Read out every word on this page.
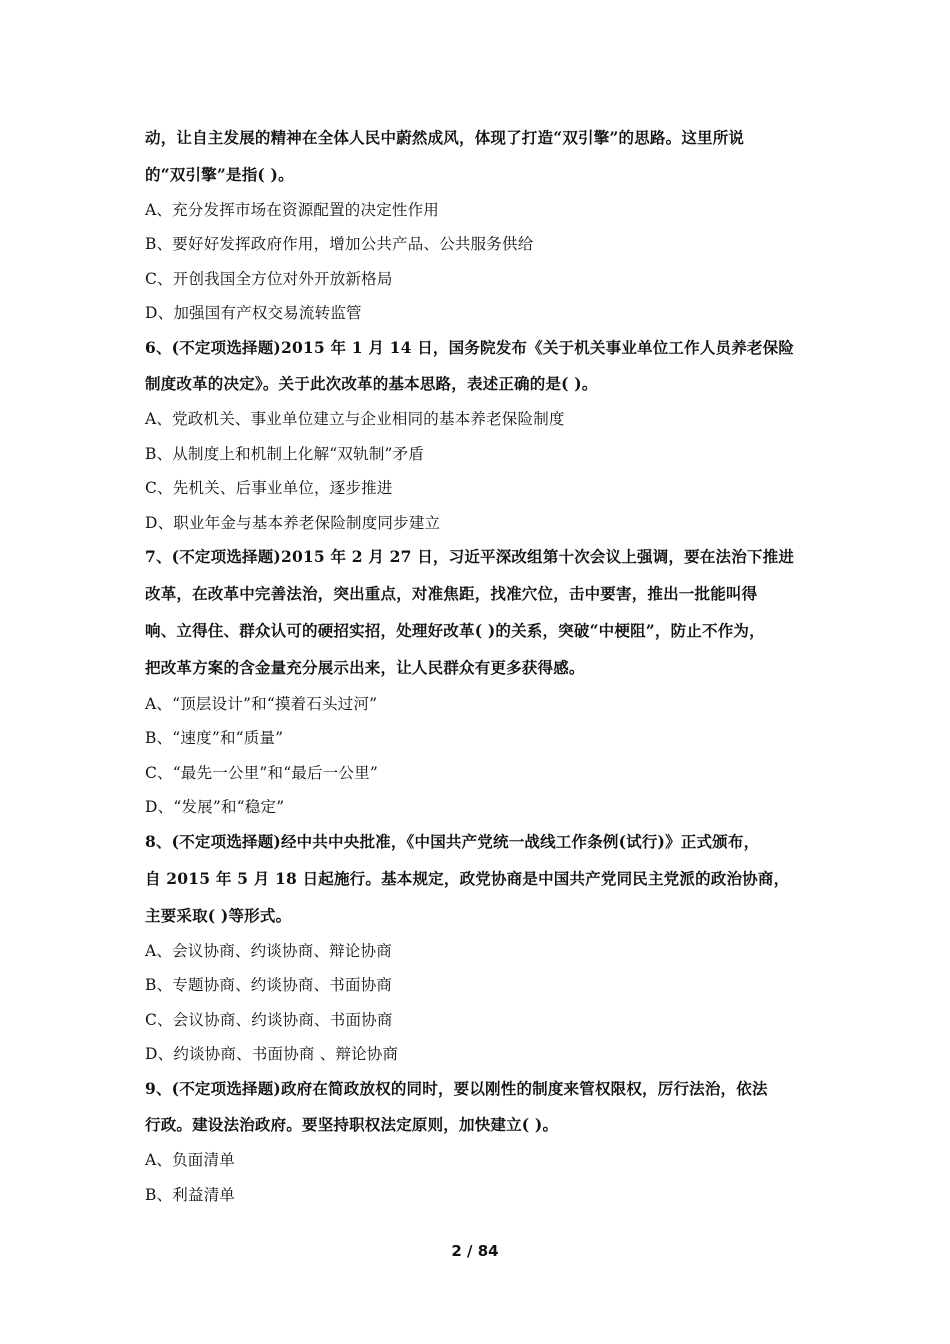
动，让自主发展的精神在全体人民中蔚然成风，体现了打造“双引擎”的思路。这里所说
的“双引擎”是指( )。
A、充分发挥市场在资源配置的决定性作用
B、要好好发挥政府作用，增加公共产品、公共服务供给
C、开创我国全方位对外开放新格局
D、加强国有产权交易流转监管
6、(不定项选择题)2015 年 1 月 14 日，国务院发布《关于机关事业单位工作人员养老保险
制度改革的决定》。关于此次改革的基本思路，表述正确的是( )。
A、党政机关、事业单位建立与企业相同的基本养老保险制度
B、从制度上和机制上化解“双轨制”矛盾
C、先机关、后事业单位，逐步推进
D、职业年金与基本养老保险制度同步建立
7、(不定项选择题)2015 年 2 月 27 日，习近平深改组第十次会议上强调，要在法治下推进
改革，在改革中完善法治，突出重点，对准焦距，找准穴位，击中要害，推出一批能叫得
响、立得住、群众认可的硬招实招，处理好改革( )的关系，突破“中梗阻”，防止不作为，
把改革方案的含金量充分展示出来，让人民群众有更多获得感。
A、“顶层设计”和“摸着石头过河”
B、“速度”和“质量”
C、“最先一公里”和“最后一公里”
D、“发展”和“稳定”
8、(不定项选择题)经中共中央批准，《中国共产党统一战线工作条例(试行)》正式颁布，
自 2015 年 5 月 18 日起施行。基本规定，政党协商是中国共产党同民主党派的政治协商，
主要采取( )等形式。
A、会议协商、约谈协商、辩论协商
B、专题协商、约谈协商、书面协商
C、会议协商、约谈协商、书面协商
D、约谈协商、书面协商 、辩论协商
9、(不定项选择题)政府在简政放权的同时，要以刚性的制度来管权限权，厉行法治，依法
行政。建设法治政府。要坚持职权法定原则，加快建立( )。
A、负面清单
B、利益清单
2 / 84
